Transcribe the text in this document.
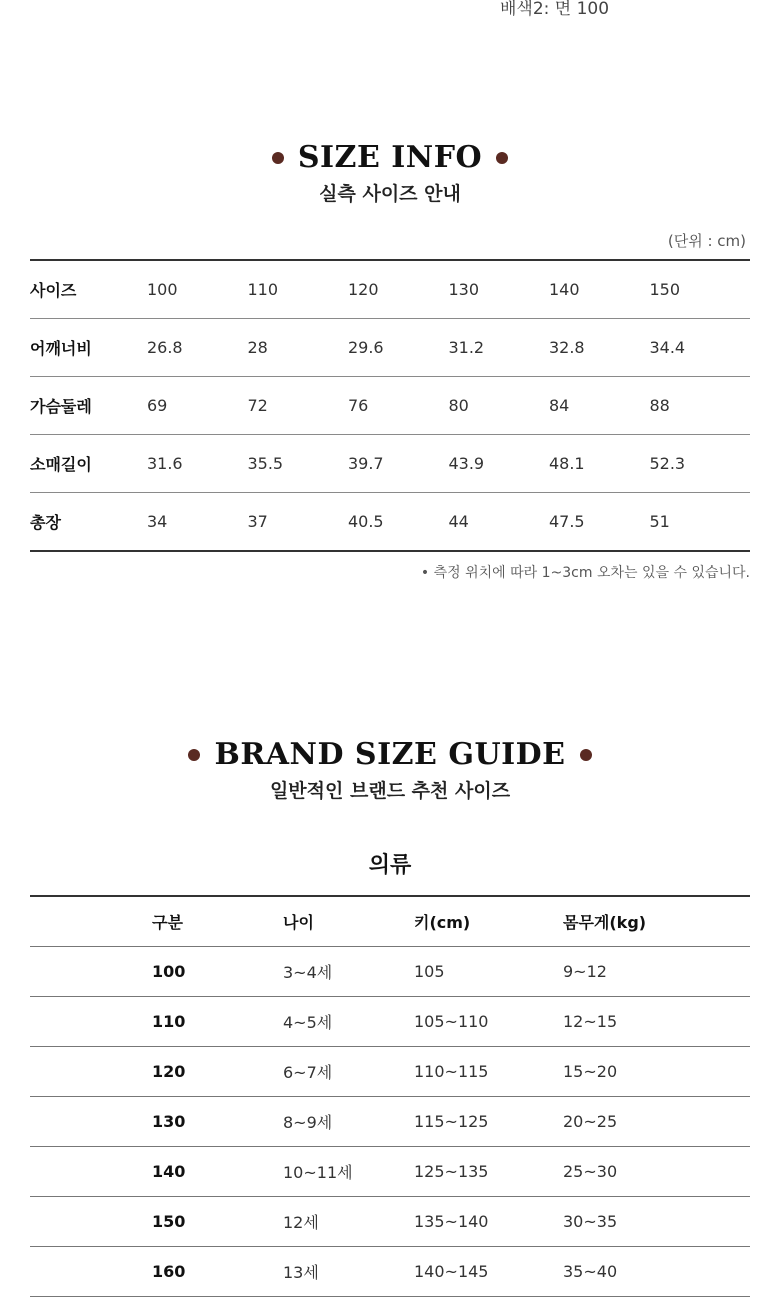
배색2: 면 100
SIZE INFO
실측 사이즈 안내
(단위 : cm)
사이즈	100	110	120	130	140	150
어깨너비	26.8	28	29.6	31.2	32.8	34.4
가슴둘레	69	72	76	80	84	88
소매길이	31.6	35.5	39.7	43.9	48.1	52.3
총장	34	37	40.5	44	47.5	51
• 측정 위치에 따라 1~3cm 오차는 있을 수 있습니다.
BRAND SIZE GUIDE
일반적인 브랜드 추천 사이즈
의류
	구분	나이	키(cm)	몸무게(kg)
	100	3~4세	105	9~12
	110	4~5세	105~110	12~15
	120	6~7세	110~115	15~20
	130	8~9세	115~125	20~25
	140	10~11세	125~135	25~30
	150	12세	135~140	30~35
	160	13세	140~145	35~40
